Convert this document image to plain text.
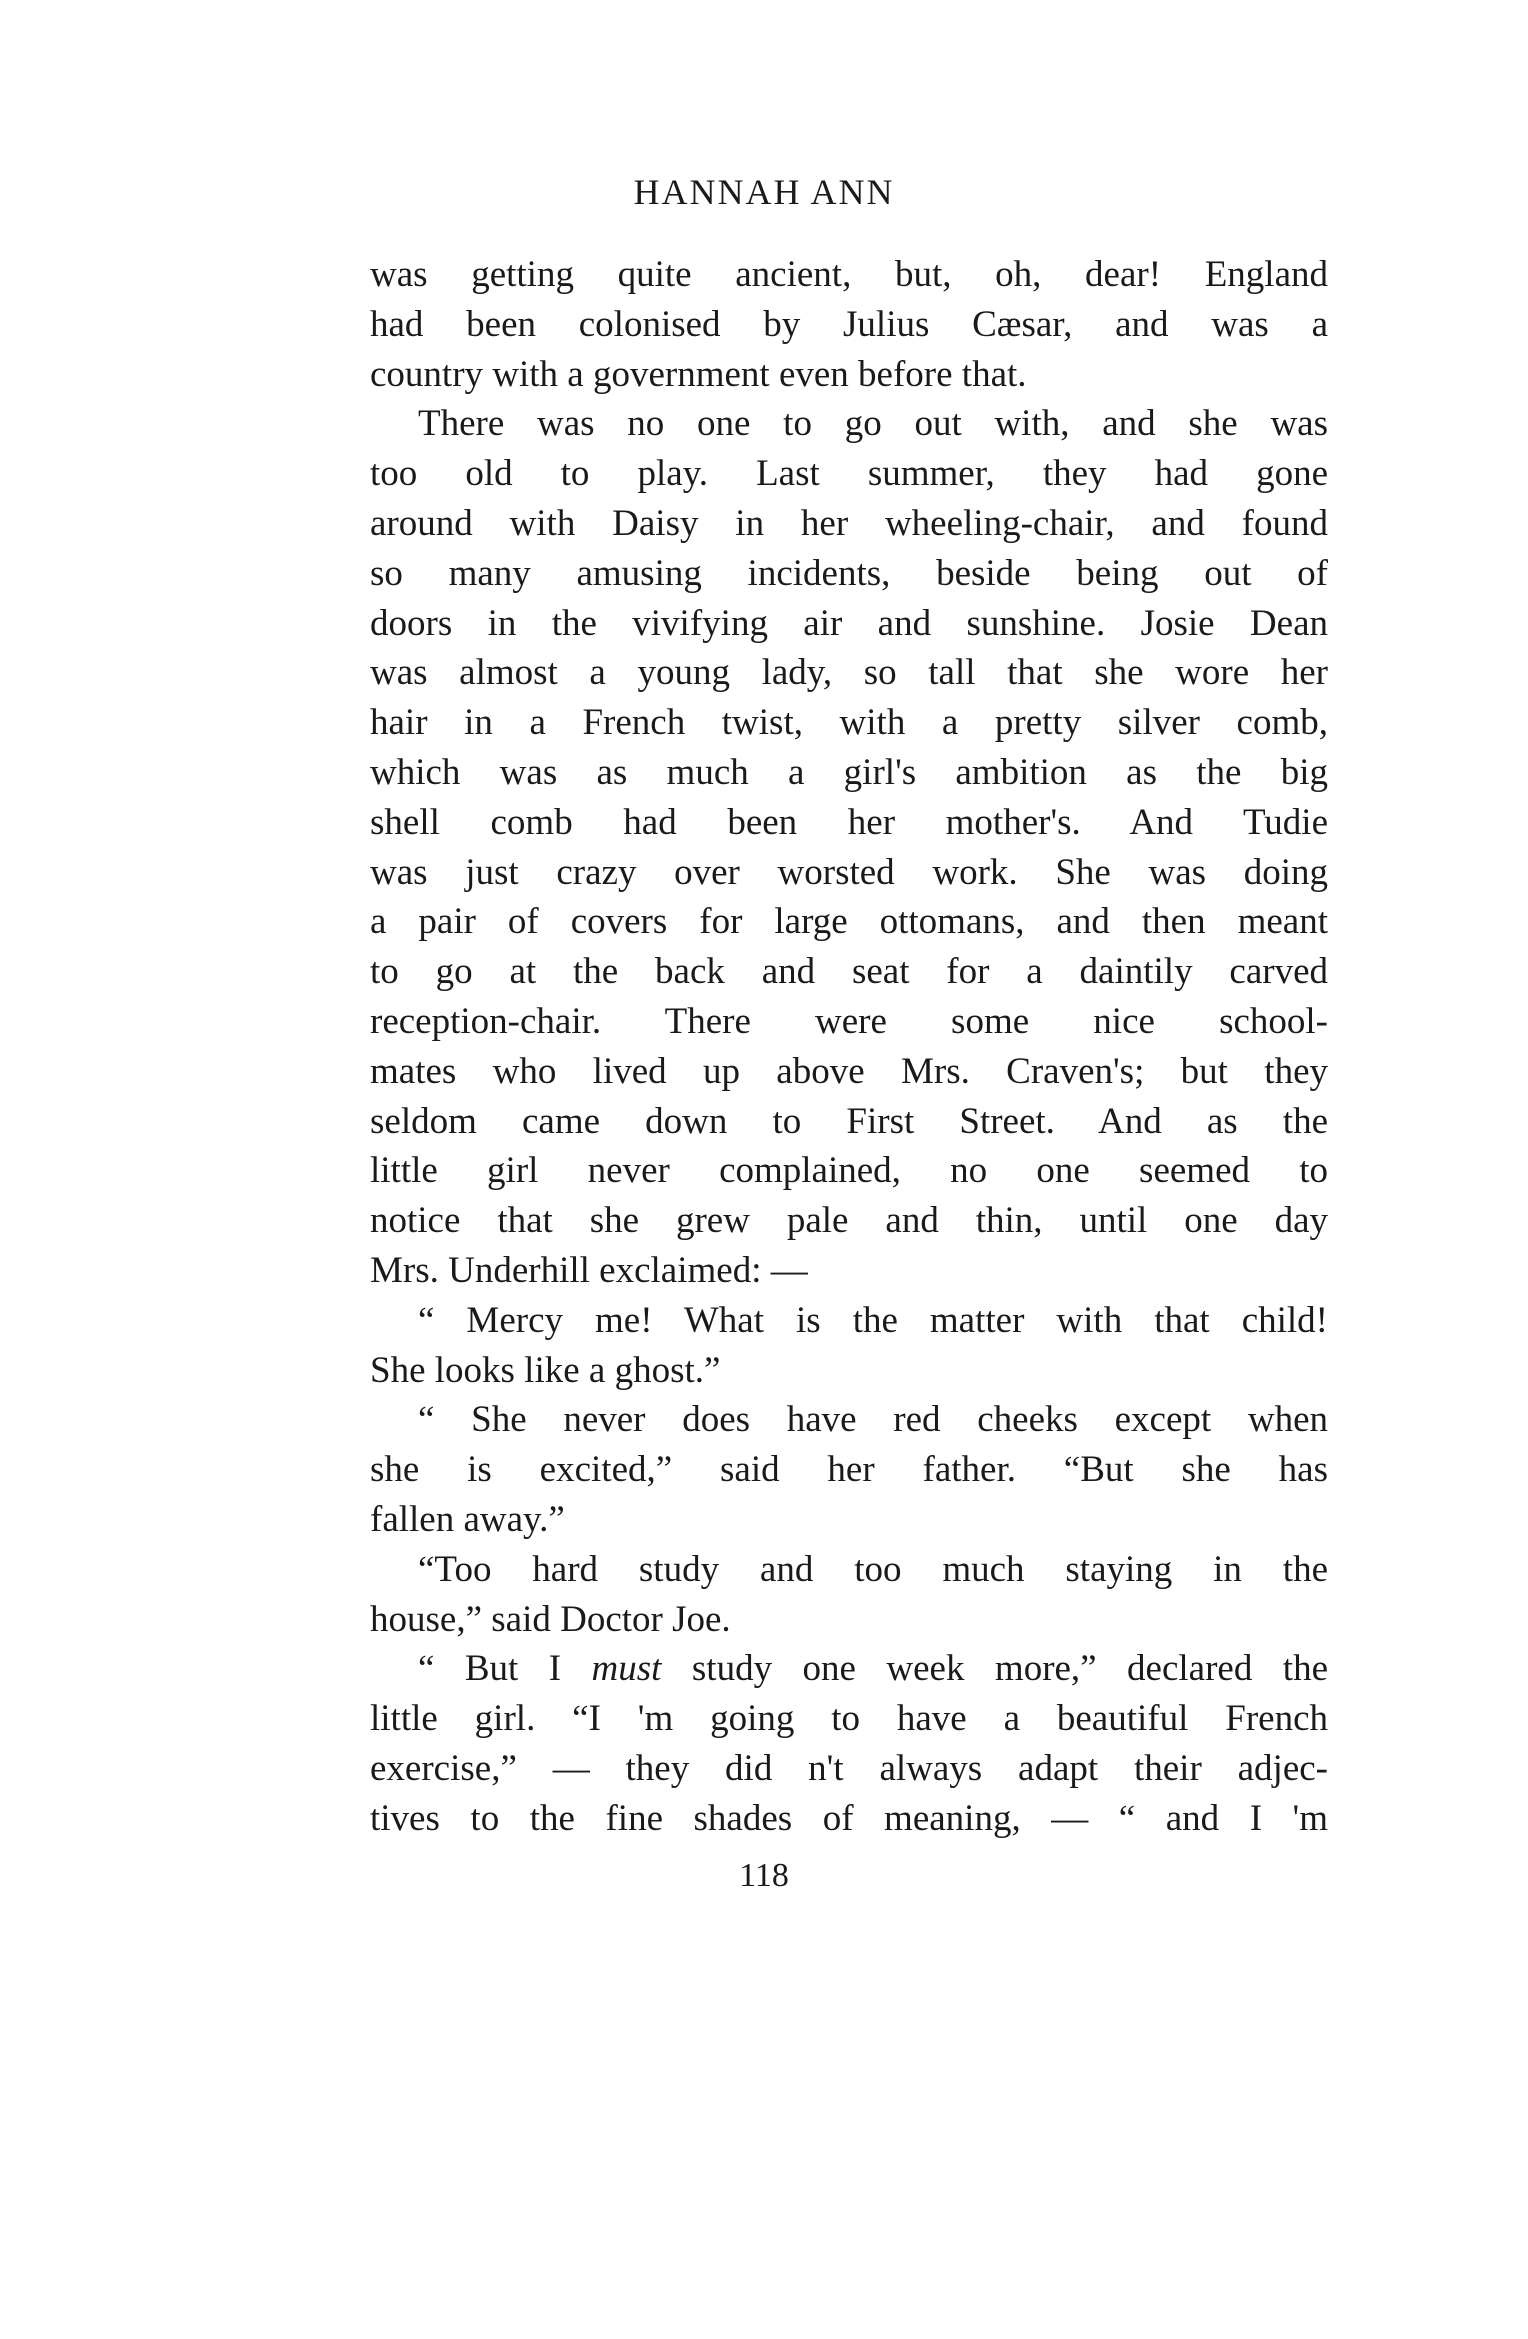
HANNAH ANN
was getting quite ancient, but, oh, dear! England
had been colonised by Julius Cæsar, and was a
country with a government even before that.
There was no one to go out with, and she was
too old to play. Last summer, they had gone
around with Daisy in her wheeling-chair, and found
so many amusing incidents, beside being out of
doors in the vivifying air and sunshine. Josie Dean
was almost a young lady, so tall that she wore her
hair in a French twist, with a pretty silver comb,
which was as much a girl's ambition as the big
shell comb had been her mother's. And Tudie
was just crazy over worsted work. She was doing
a pair of covers for large ottomans, and then meant
to go at the back and seat for a daintily carved
reception-chair. There were some nice school-
mates who lived up above Mrs. Craven's; but they
seldom came down to First Street. And as the
little girl never complained, no one seemed to
notice that she grew pale and thin, until one day
Mrs. Underhill exclaimed: —
“ Mercy me! What is the matter with that child!
She looks like a ghost.”
“ She never does have red cheeks except when
she is excited,” said her father. “But she has
fallen away.”
“Too hard study and too much staying in the
house,” said Doctor Joe.
“ But I must study one week more,” declared the
little girl. “I 'm going to have a beautiful French
exercise,” — they did n't always adapt their adjec-
tives to the fine shades of meaning, — “ and I 'm
118
